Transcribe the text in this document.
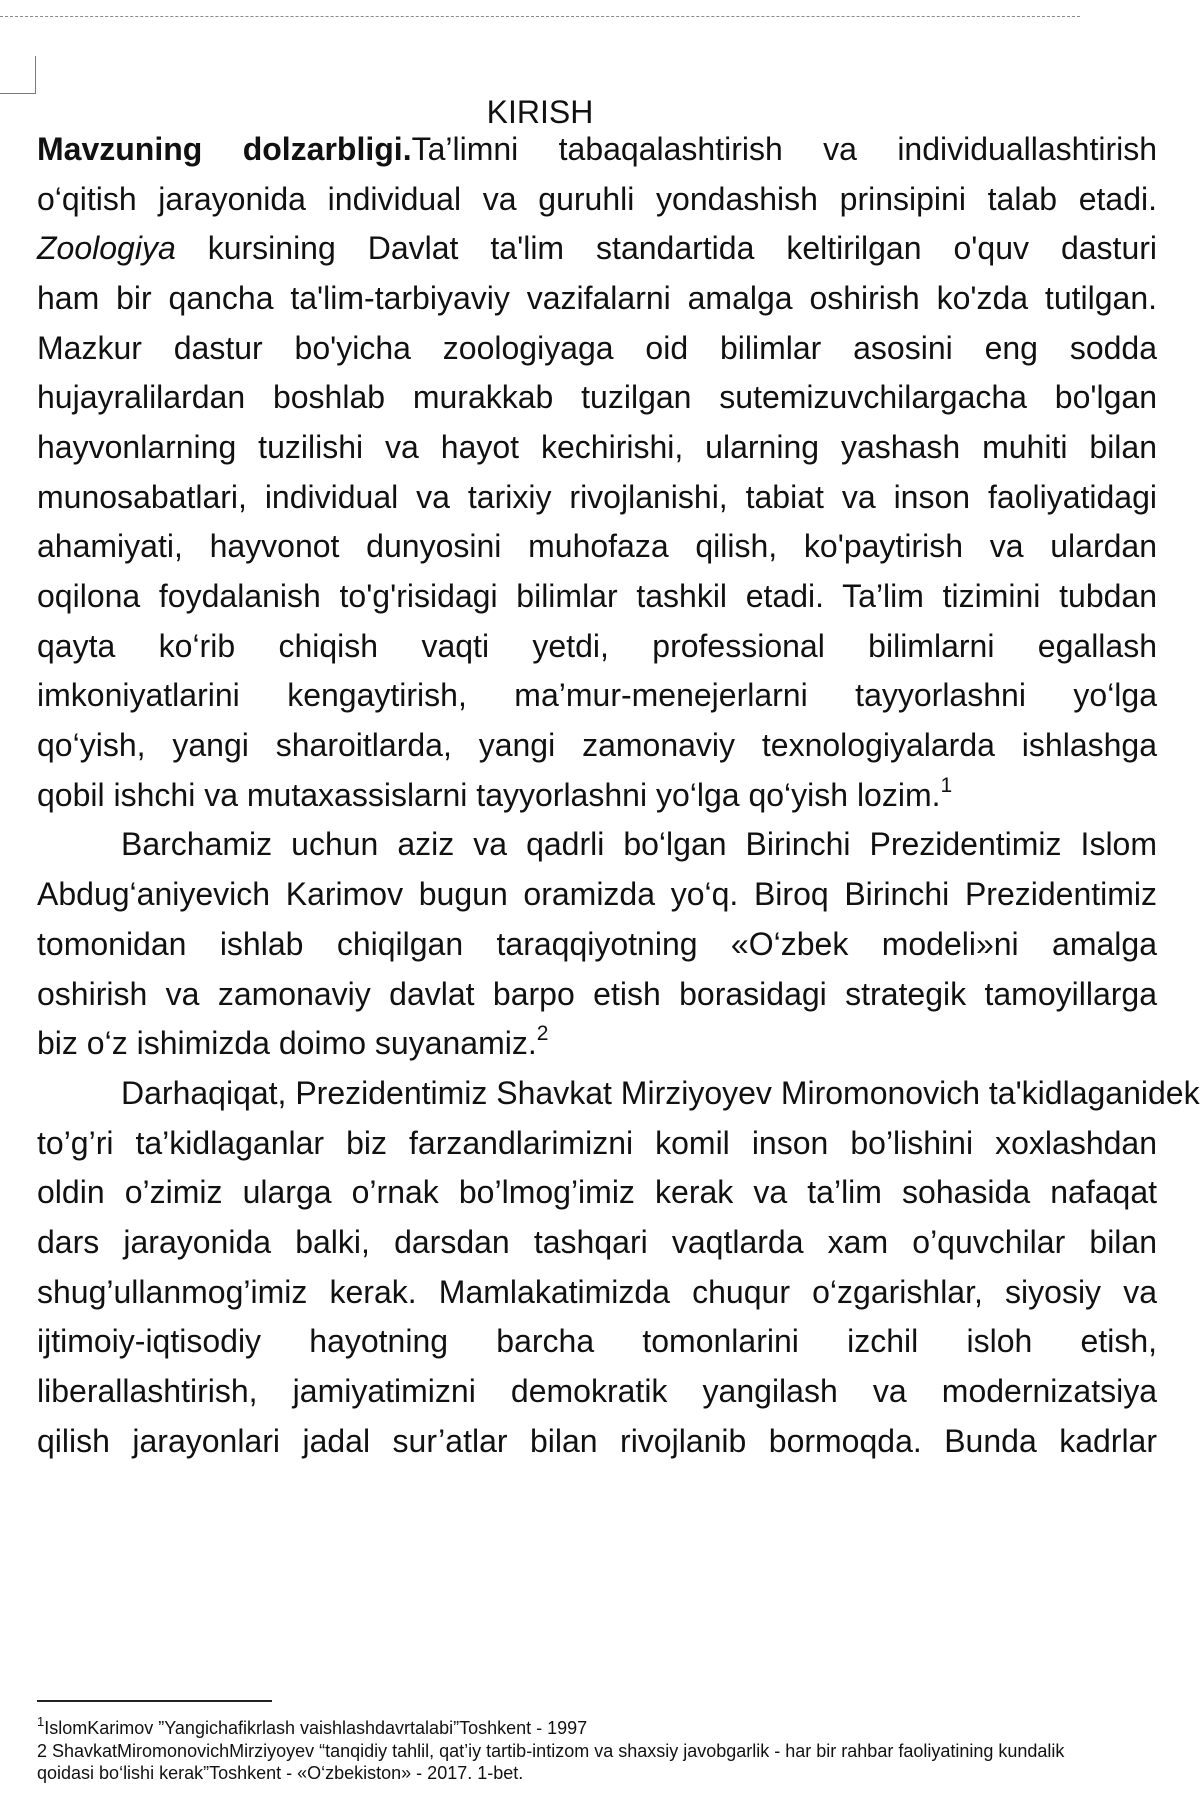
KIRISH
Mavzuning dolzarbligi.Ta’limni tabaqalashtirish va individuallashtirish
o‘qitish jarayonida individual va guruhli yondashish prinsipini talab etadi.
Zoologiya kursining Davlat ta'lim standartida keltirilgan o'quv dasturi
ham bir qancha ta'lim-tarbiyaviy vazifalarni amalga oshirish ko'zda tutilgan.
Mazkur dastur bo'yicha zoologiyaga oid bilimlar asosini eng sodda
hujayralilardan boshlab murakkab tuzilgan sutemizuvchilargacha bo'lgan
hayvonlarning tuzilishi va hayot kechirishi, ularning yashash muhiti bilan
munosabatlari, individual va tarixiy rivojlanishi, tabiat va inson faoliyatidagi
ahamiyati, hayvonot dunyosini muhofaza qilish, ko'paytirish va ulardan
oqilona foydalanish to'g'risidagi bilimlar tashkil etadi. Ta’lim tizimini tubdan
qayta ko‘rib chiqish vaqti yetdi, professional bilimlarni egallash
imkoniyatlarini kengaytirish, ma’mur-menejerlarni tayyorlashni yo‘lga
qo‘yish, yangi sharoitlarda, yangi zamonaviy texnologiyalarda ishlashga
qobil ishchi va mutaxassislarni tayyorlashni yo‘lga qo‘yish lozim.$^1$
Barchamiz uchun aziz va qadrli bo‘lgan Birinchi Prezidentimiz Islom
Abdug‘aniyevich Karimov bugun oramizda yo‘q. Biroq Birinchi Prezidentimiz
tomonidan ishlab chiqilgan taraqqiyotning «O‘zbek modeli»ni amalga
oshirish va zamonaviy davlat barpo etish borasidagi strategik tamoyillarga
biz o‘z ishimizda doimo suyanamiz.$^2$
Darhaqiqat, Prezidentimiz Shavkat Mirziyoyev Miromonovich ta'kidlaganidek
to’g’ri ta’kidlaganlar biz farzandlarimizni komil inson bo’lishini xoxlashdan
oldin o’zimiz ularga o’rnak bo’lmog’imiz kerak va ta’lim sohasida nafaqat
dars jarayonida balki, darsdan tashqari vaqtlarda xam o’quvchilar bilan
shug’ullanmog’imiz kerak. Mamlakatimizda chuqur o‘zgarishlar, siyosiy va
ijtimoiy-iqtisodiy hayotning barcha tomonlarini izchil isloh etish,
liberallashtirish, jamiyatimizni demokratik yangilash va modernizatsiya
qilish jarayonlari jadal sur’atlar bilan rivojlanib bormoqda. Bunda kadrlar
$^1$IslomKarimov ”Yangichafikrlash vaishlashdavrtalabi”Toshkent - 1997
2 ShavkatMiromonovichMirziyoyev “tanqidiy tahlil, qat’iy tartib-intizom va shaxsiy javobgarlik - har bir rahbar faoliyatining kundalik
qoidasi bo‘lishi kerak”Toshkent - «O‘zbekiston» - 2017. 1-bet.
